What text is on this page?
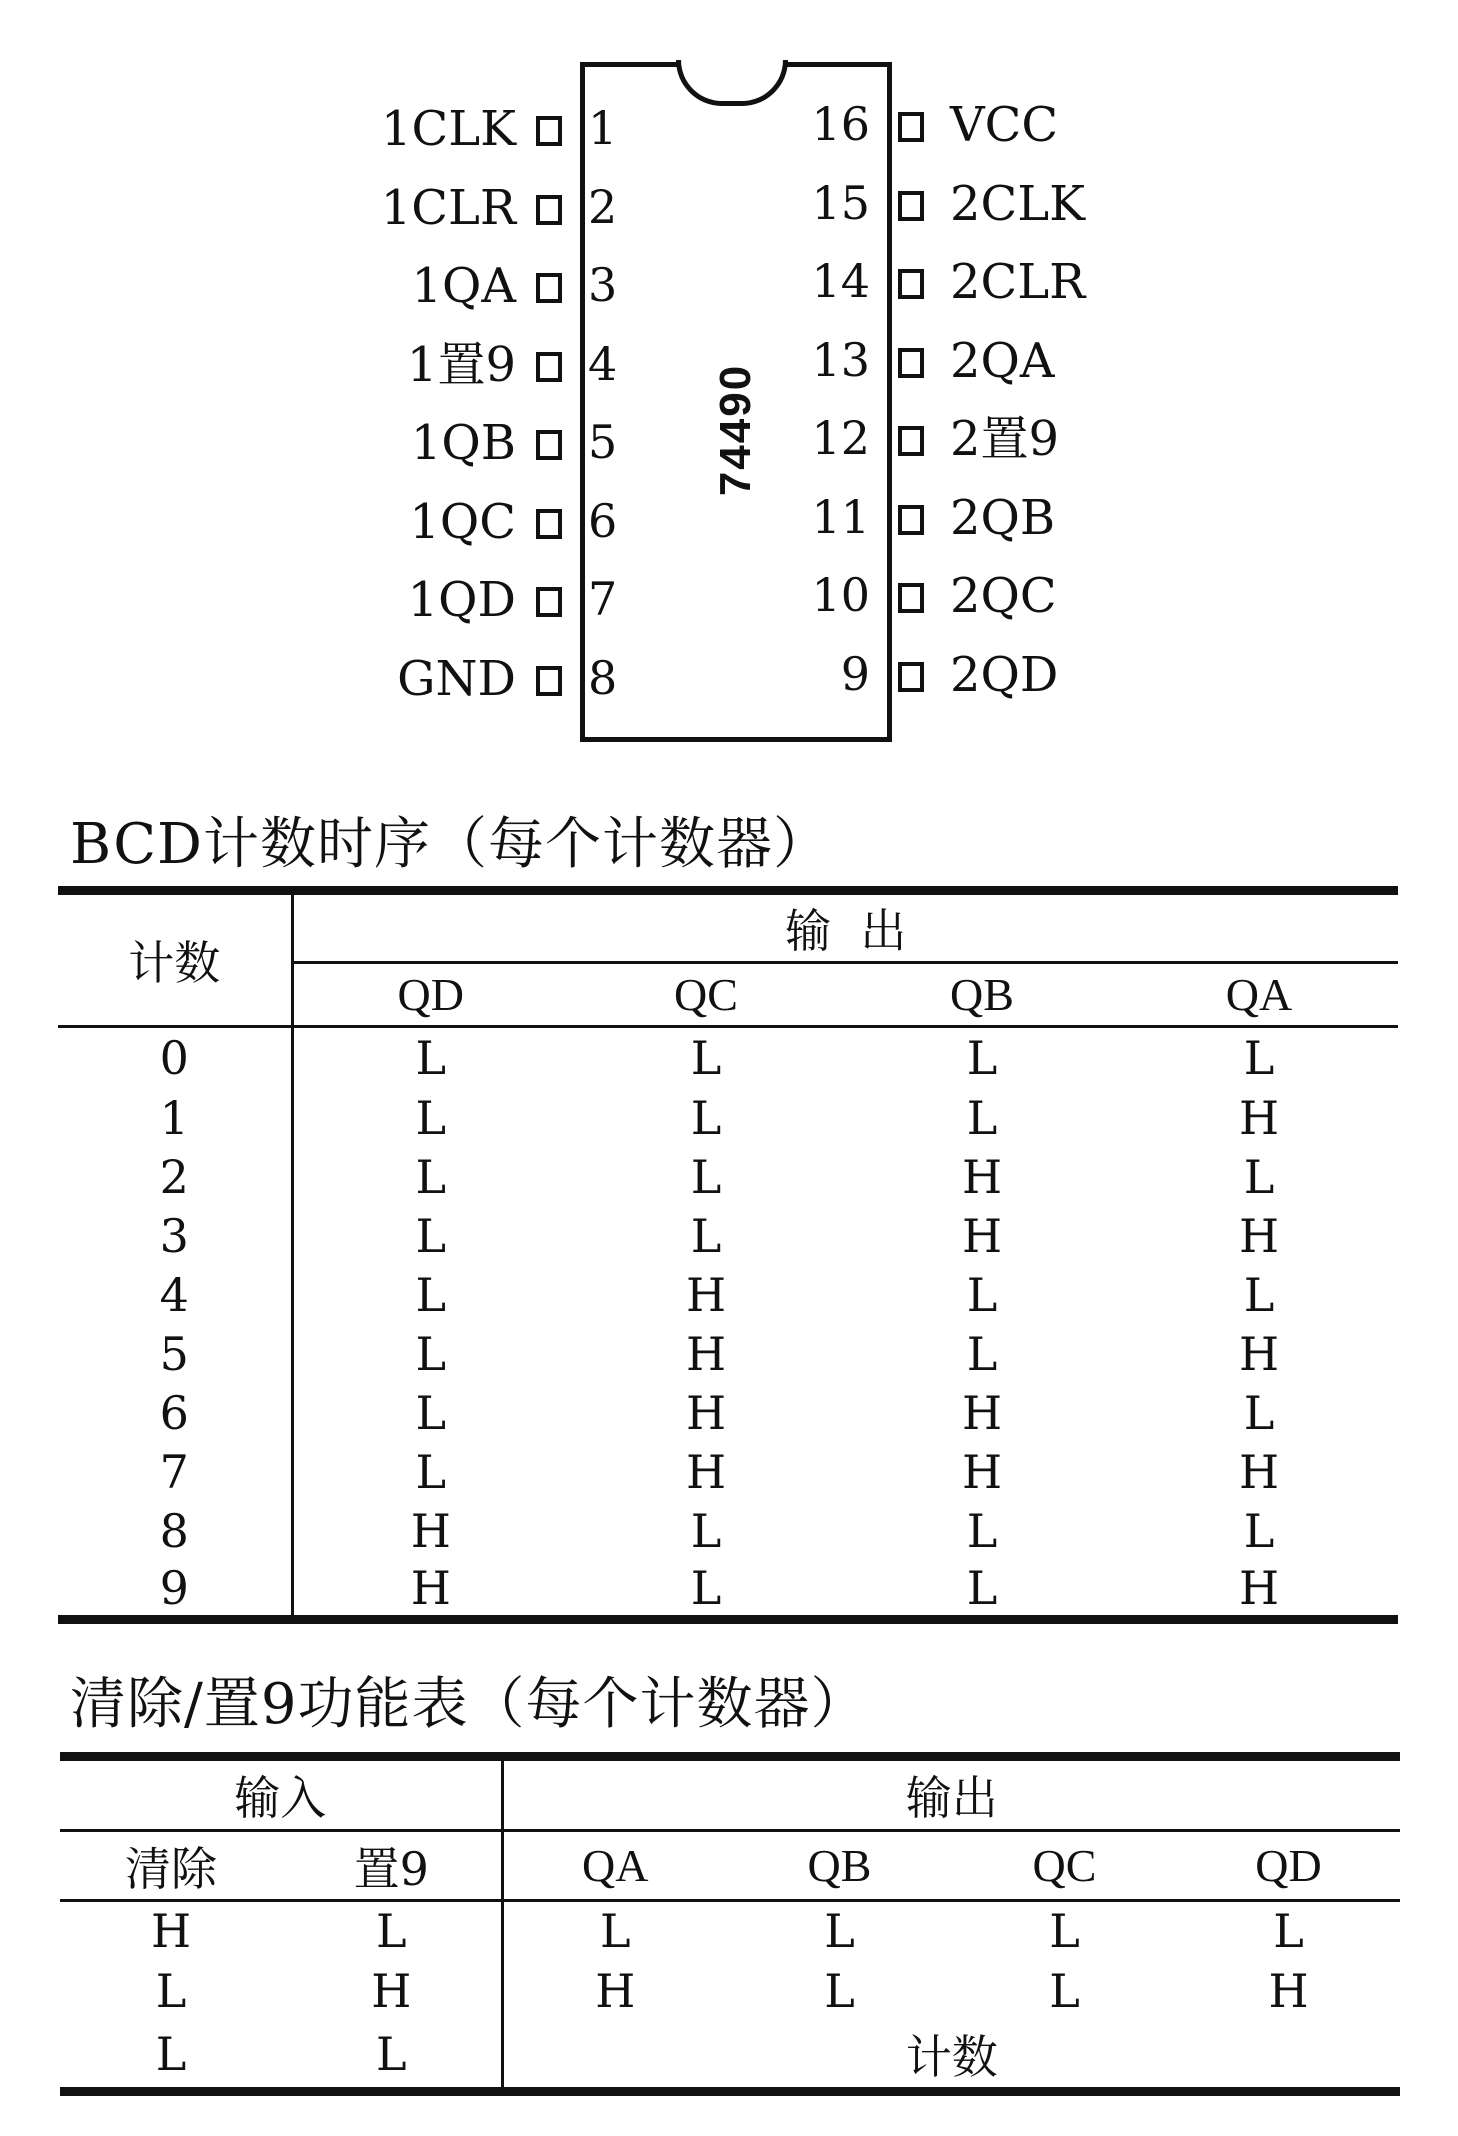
74490
1
1CLK
2
1CLR
3
1QA
4
1置9
5
1QB
6
1QC
7
1QD
8
GND
16 VCC
15 2CLK
14 2CLR
13 2QA
12 2置9
11 2QB
10 2QC
9 2QD
BCD计数时序（每个计数器）
计数	输  出			
	QD	QC	QB	QA
0	L	L	L	L
1	L	L	L	H
2	L	L	H	L
3	L	L	H	H
4	L	H	L	L
5	L	H	L	H
6	L	H	H	L
7	L	H	H	H
8	H	L	L	L
9	H	L	L	H
清除/置9功能表（每个计数器）
输入		输出			
清除	置9	QA	QB	QC	QD
H	L	L	L	L	L
L	H	H	L	L	H
L	L	计数			
